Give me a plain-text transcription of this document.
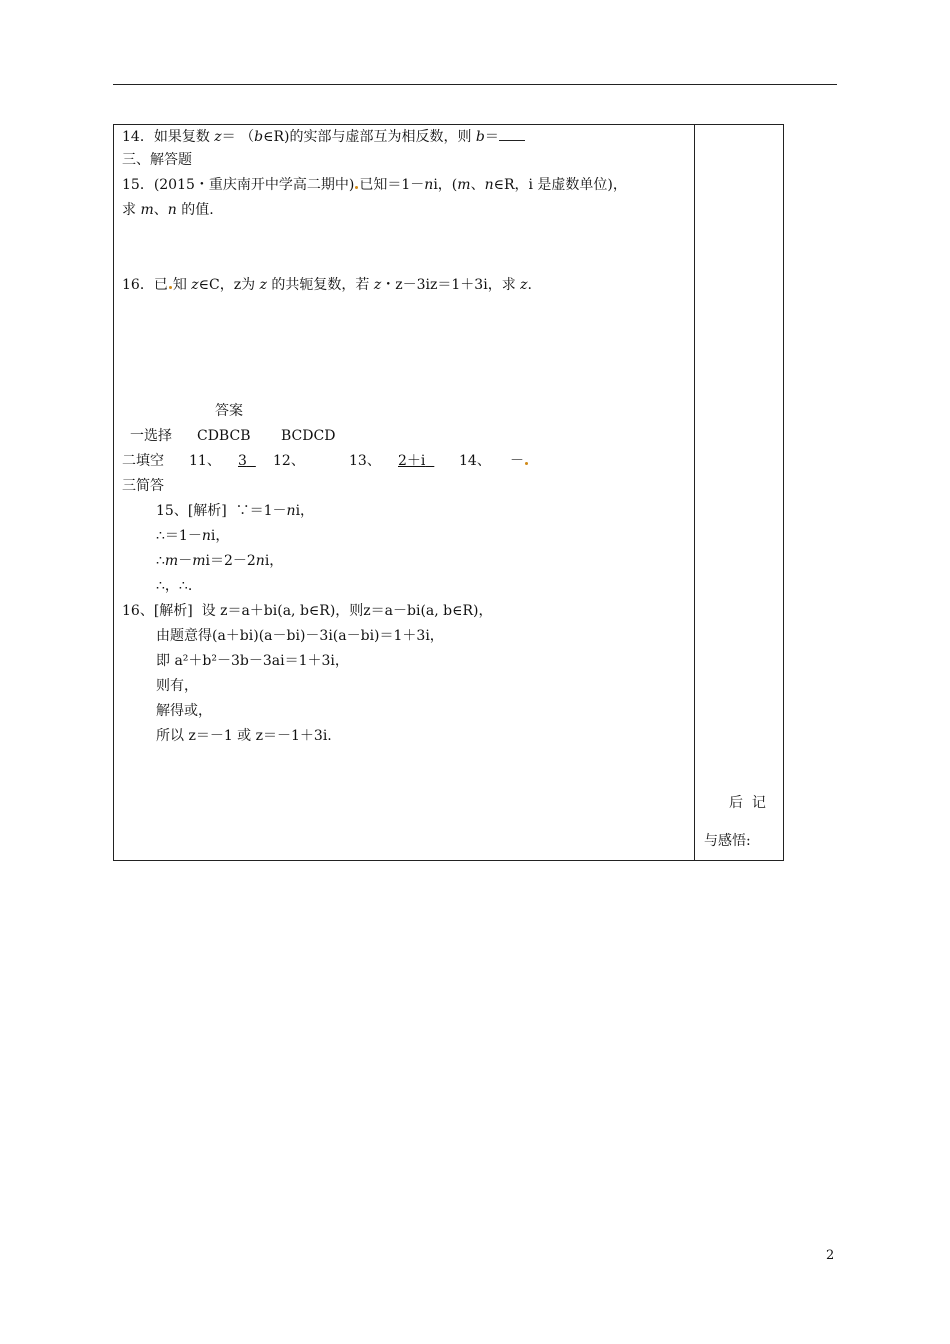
14．如果复数 z＝ （b∈R)的实部与虚部互为相反数，则 b＝
三、解答题
15．(2015・重庆南开中学高二期中) 已知＝1－ni，(m、n∈R，i 是虚数单位)，
求 m、n 的值.
16．已 知 z∈C，z为 z 的共轭复数，若 z・z－3iz＝1＋3i，求 z.
答案
一选择 CDBCB BCDCD
二填空 11、 3	12、	13、 2＋i	14、 －
三简答
15、[解析]  ∵＝1－ni，
∴＝1－ni，
∴m－mi＝2－2ni，
∴，∴.
16、[解析]  设 z＝a＋bi(a, b∈R)，则z＝a－bi(a, b∈R)，
由题意得(a＋bi)(a－bi)－3i(a－bi)＝1＋3i，
即 a²＋b²－3b－3ai＝1＋3i，
则有，
解得或，
所以 z＝－1 或 z＝－1＋3i.
后  记
与感悟:
2
